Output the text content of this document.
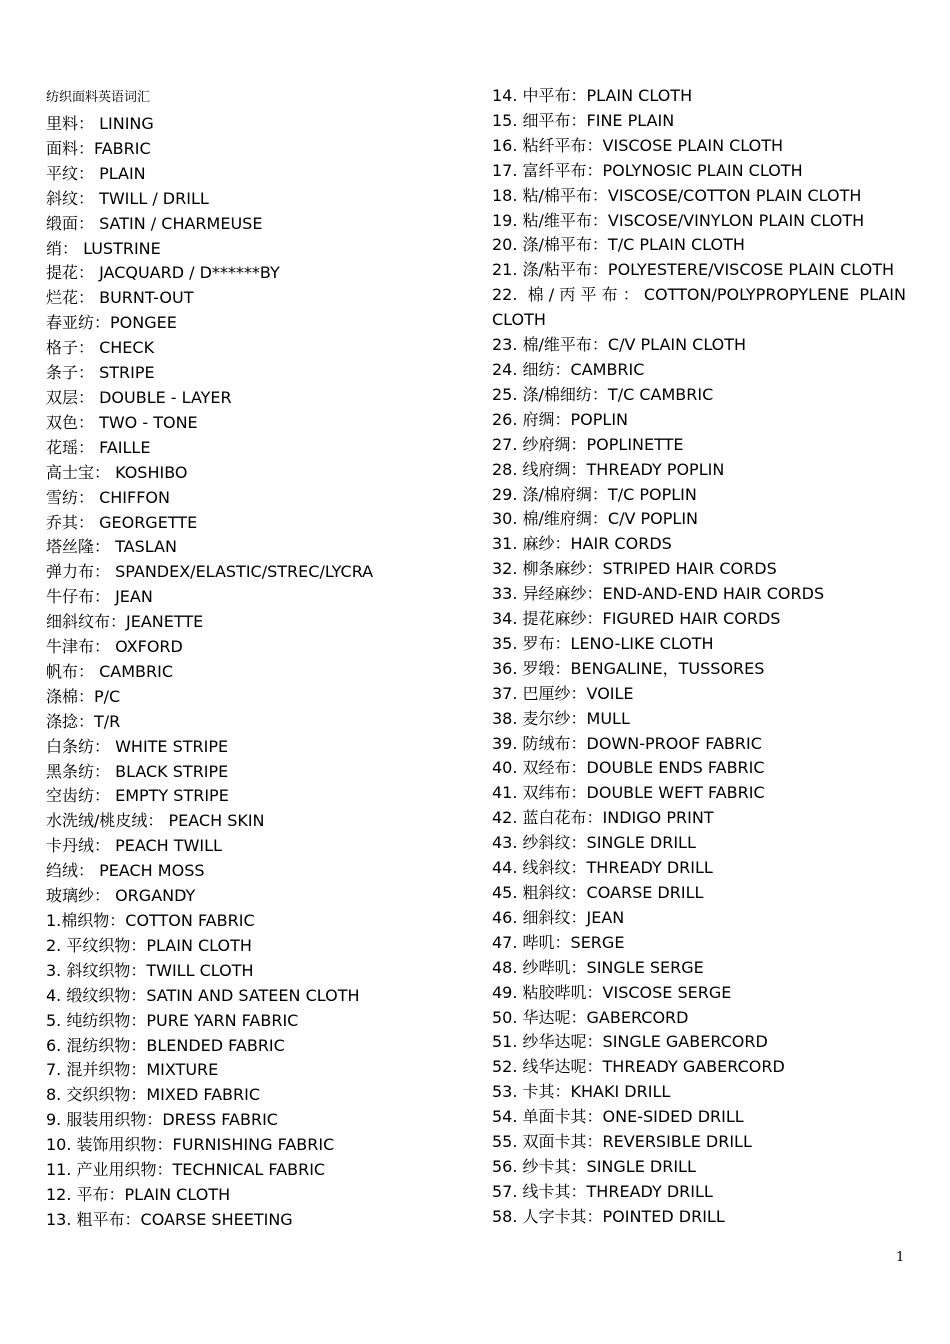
纺织面料英语词汇
里料： LINING
面料：FABRIC
平纹： PLAIN
斜纹： TWILL / DRILL
缎面： SATIN / CHARMEUSE
绡： LUSTRINE
提花： JACQUARD / D******BY
烂花： BURNT-OUT
春亚纺：PONGEE
格子： CHECK
条子： STRIPE
双层： DOUBLE - LAYER
双色： TWO - TONE
花瑶： FAILLE
高士宝： KOSHIBO
雪纺： CHIFFON
乔其： GEORGETTE
塔丝隆： TASLAN
弹力布： SPANDEX/ELASTIC/STREC/LYCRA
牛仔布： JEAN
细斜纹布：JEANETTE
牛津布： OXFORD
帆布： CAMBRIC
涤棉：P/C
涤捻：T/R
白条纺： WHITE STRIPE
黑条纺： BLACK STRIPE
空齿纺： EMPTY STRIPE
水洗绒/桃皮绒： PEACH SKIN
卡丹绒： PEACH TWILL
绉绒： PEACH MOSS
玻璃纱： ORGANDY
1.棉织物：COTTON FABRIC
2. 平纹织物：PLAIN CLOTH
3. 斜纹织物：TWILL CLOTH
4. 缎纹织物：SATIN AND SATEEN CLOTH
5. 纯纺织物：PURE YARN FABRIC
6. 混纺织物：BLENDED FABRIC
7. 混并织物：MIXTURE
8. 交织织物：MIXED FABRIC
9. 服装用织物：DRESS FABRIC
10. 装饰用织物：FURNISHING FABRIC
11. 产业用织物：TECHNICAL FABRIC
12. 平布：PLAIN CLOTH
13. 粗平布：COARSE SHEETING
14. 中平布：PLAIN CLOTH
15. 细平布：FINE PLAIN
16. 粘纤平布：VISCOSE PLAIN CLOTH
17. 富纤平布：POLYNOSIC PLAIN CLOTH
18. 粘/棉平布：VISCOSE/COTTON PLAIN CLOTH
19. 粘/维平布：VISCOSE/VINYLON PLAIN CLOTH
20. 涤/棉平布：T/C PLAIN CLOTH
21. 涤/粘平布：POLYESTERE/VISCOSE PLAIN CLOTH
22. 棉/丙平布：COTTON/POLYPROPYLENE PLAIN CLOTH
23. 棉/维平布：C/V PLAIN CLOTH
24. 细纺：CAMBRIC
25. 涤/棉细纺：T/C CAMBRIC
26. 府绸：POPLIN
27. 纱府绸：POPLINETTE
28. 线府绸：THREADY POPLIN
29. 涤/棉府绸：T/C POPLIN
30. 棉/维府绸：C/V POPLIN
31. 麻纱：HAIR CORDS
32. 柳条麻纱：STRIPED HAIR CORDS
33. 异经麻纱：END-AND-END HAIR CORDS
34. 提花麻纱：FIGURED HAIR CORDS
35. 罗布：LENO-LIKE CLOTH
36. 罗缎：BENGALINE，TUSSORES
37. 巴厘纱：VOILE
38. 麦尔纱：MULL
39. 防绒布：DOWN-PROOF FABRIC
40. 双经布：DOUBLE ENDS FABRIC
41. 双纬布：DOUBLE WEFT FABRIC
42. 蓝白花布：INDIGO PRINT
43. 纱斜纹：SINGLE DRILL
44. 线斜纹：THREADY DRILL
45. 粗斜纹：COARSE DRILL
46. 细斜纹：JEAN
47. 哔叽：SERGE
48. 纱哔叽：SINGLE SERGE
49. 粘胶哔叽：VISCOSE SERGE
50. 华达呢：GABERCORD
51. 纱华达呢：SINGLE GABERCORD
52. 线华达呢：THREADY GABERCORD
53. 卡其：KHAKI DRILL
54. 单面卡其：ONE-SIDED DRILL
55. 双面卡其：REVERSIBLE DRILL
56. 纱卡其：SINGLE DRILL
57. 线卡其：THREADY DRILL
58. 人字卡其：POINTED DRILL
1
